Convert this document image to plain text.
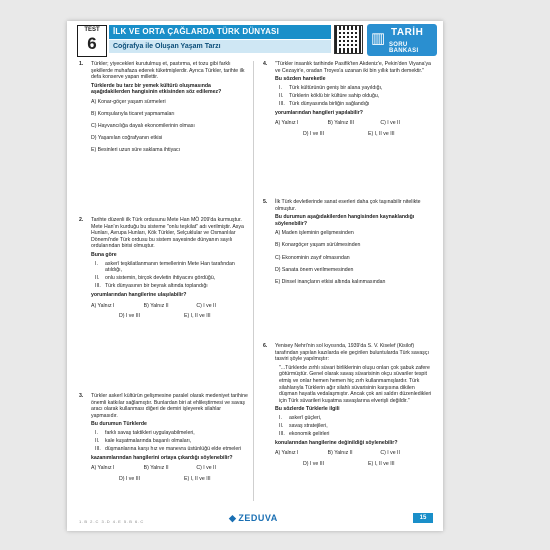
TEST
6
İLK VE ORTA ÇAĞLARDA TÜRK DÜNYASI
Coğrafya ile Oluşan Yaşam Tarzı	▥ TARİH
SORU BANKASI
1. Türkler; yiyecekleri kurutulmuş et, pastırma, et tozu gibi farklı şekillerde muhafaza ederek tüketmişlerdir. Ayrıca Türkler, tarihte ilk defa konserve yapan millettir.

Türklerde bu tarz bir yemek kültürü oluşmasında aşağıdakilerden hangisinin etkisinden söz edilemez?

A) Konar-göçer yaşam sürmeleri
B) Komşularıyla ticaret yapmamaları
C) Hayvancılığa dayalı ekonomilerinin olması
D) Yaşanılan coğrafyanın etkisi
E) Besinleri uzun süre saklama ihtiyacı
2. Tarihte düzenli ilk Türk ordusunu Mete Han MÖ 209'da kurmuştur. Mete Han'ın kurduğu bu sisteme "onlu teşkilat" adı verilmiştir. Asya Hunları, Avrupa Hunları, Kök Türkler, Selçuklular ve Osmanlılar Dönemi'nde Türk ordusu bu sistem sayesinde dünyanın sayılı ordularından birisi olmuştur.

Buna göre

I. askerî teşkilatlanmanın temellerinin Mete Han tarafından atıldığı,
II. onlu sistemin, birçok devletin ihtiyacını gördüğü,
III. Türk dünyasının bir beyrak altında toplandığı

yorumlarından hangilerine ulaşılabilir?

A) Yalnız I	B) Yalnız II	C) I ve II
D) I ve III	E) I, II ve III
3. Türkler askerî kültürün gelişmesine paralel olarak medeniyet tarihine önemli katkılar sağlamıştır. Bunlardan biri at ehlileştirmesi ve savaş aracı olarak kullanması diğeri de demiri işleyerek silahlar yapmasıdır.

Bu durumun Türklerde

I. farklı savaş taktikleri uygulayabilmeleri,
II. kale kuşatmalarında başarılı olmaları,
III. düşmanlarına karşı hız ve manevra üstünlüğü elde etmeleri

kazanımlarından hangilerini ortaya çıkardığı söylenebilir?

A) Yalnız I	B) Yalnız II	C) I ve II
D) I ve III	E) I, II ve III
4. "Türkler insanlık tarihinde Pasifik'ten Akdeniz'e, Pekin'den Viyana'ya ve Cezayir'e, oradan Troyes'a uzanan iki bin yıllık tarih demektir."

Bu sözden hareketle

I. Türk kültürünün geniş bir alana yayıldığı,
II. Türklerin köklü bir kültüre sahip olduğu,
III. Türk dünyasında birliğin sağlandığı

yorumlarından hangileri yapılabilir?

A) Yalnız I	B) Yalnız III	C) I ve II
D) I ve III	E) I, II ve III
5. İlk Türk devletlerinde sanat eserleri daha çok taşınabilir nitelikte olmuştur.

Bu durumun aşağıdakilerden hangisinden kaynaklandığı söylenebilir?

A) Maden işleminin gelişmesinden
B) Konargöçer yaşam sürülmesinden
C) Ekonominin zayıf olmasından
D) Sanata önem verilmemesinden
E) Dinsel inançların etkisi altında kalınmasından
6. Yenisey Nehri'nin sol kıyısında, 1939'da S. V. Kiselef (Kisilof) tarafından yapılan kazılarda ele geçirilen buluntularda Türk savaşçı tasviri şöyle yapılmıştır:

"...Türklerde zırhlı süvari birliklerinin oluşu onları çok şabuk zafere götürmüştür. Genel olarak savaş süvarisinin okçu süvariler tespit etmiş ve onlar hemen hemen hiç zırh kullanmamışlardır. Türk silahlarıyla Türklerin ağır silahlı süvarisinin karşısına dikilen düşman hayatla vedalaşmıştır. Ancak çok ani saldırı düzenledikleri için Türk süvarileri kuşatma savaşlarına elverişli değildir."

Bu sözlerde Türklerle ilgili

I. askerî güçleri,
II. savaş stratejileri,
III. ekonomik gelirleri

konularından hangilerine değinildiği söylenebilir?

A) Yalnız I	B) Yalnız II	C) I ve II
D) I ve III	E) I, II ve III
1.B 2.C 3.D 4.E 5.B 6.C	◆ ZEDUVA	15
